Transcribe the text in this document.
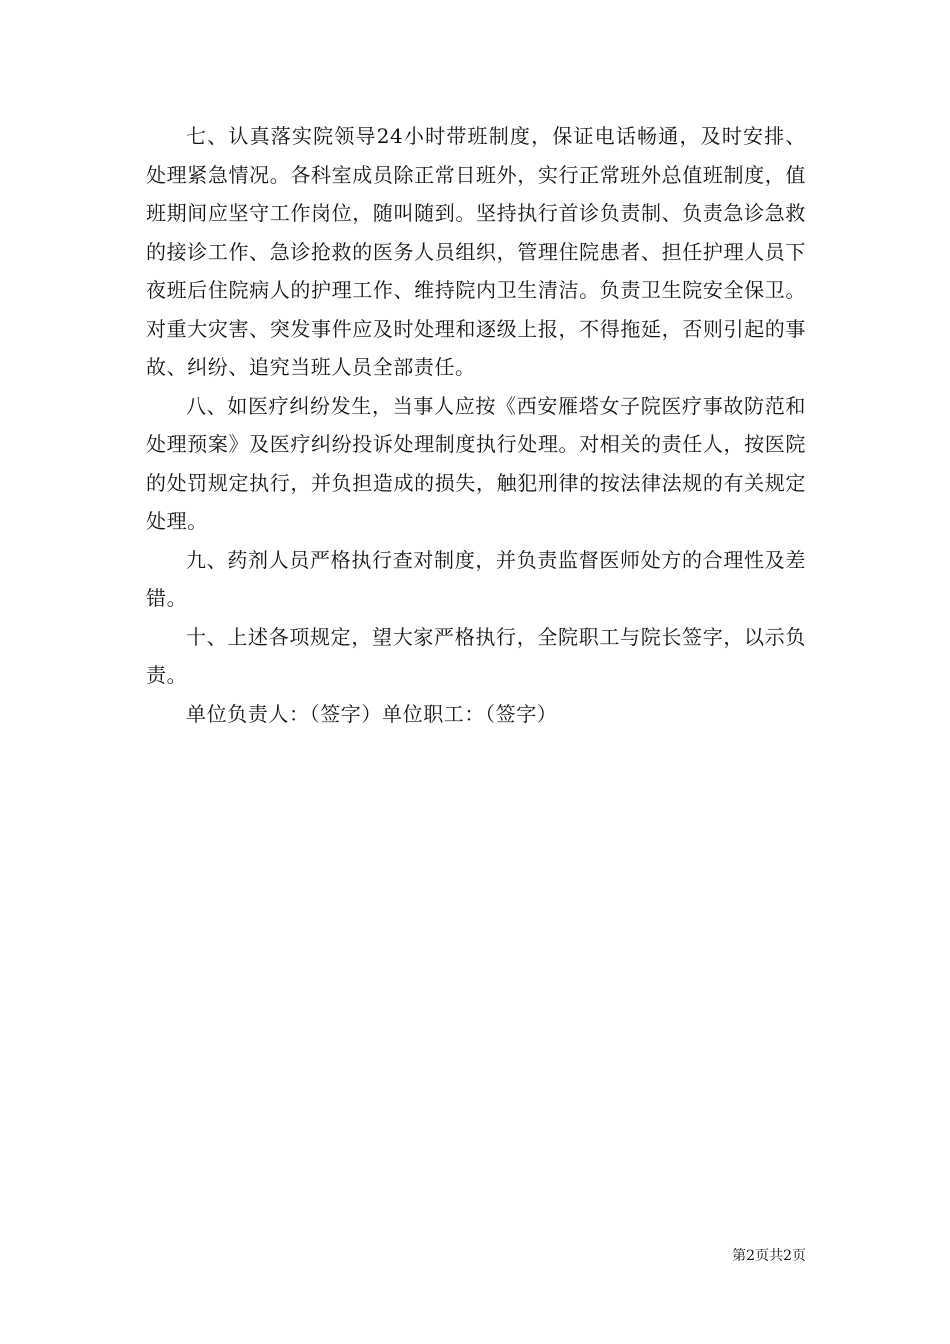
七、认真落实院领导24小时带班制度，保证电话畅通，及时安排、处理紧急情况。各科室成员除正常日班外，实行正常班外总值班制度，值班期间应坚守工作岗位，随叫随到。坚持执行首诊负责制、负责急诊急救的接诊工作、急诊抢救的医务人员组织，管理住院患者、担任护理人员下夜班后住院病人的护理工作、维持院内卫生清洁。负责卫生院安全保卫。对重大灾害、突发事件应及时处理和逐级上报，不得拖延，否则引起的事故、纠纷、追究当班人员全部责任。

八、如医疗纠纷发生，当事人应按《西安雁塔女子院医疗事故防范和处理预案》及医疗纠纷投诉处理制度执行处理。对相关的责任人，按医院的处罚规定执行，并负担造成的损失，触犯刑律的按法律法规的有关规定处理。

九、药剂人员严格执行查对制度，并负责监督医师处方的合理性及差错。

十、上述各项规定，望大家严格执行，全院职工与院长签字，以示负责。

单位负责人：（签字）单位职工：（签字）

第2页共2页
